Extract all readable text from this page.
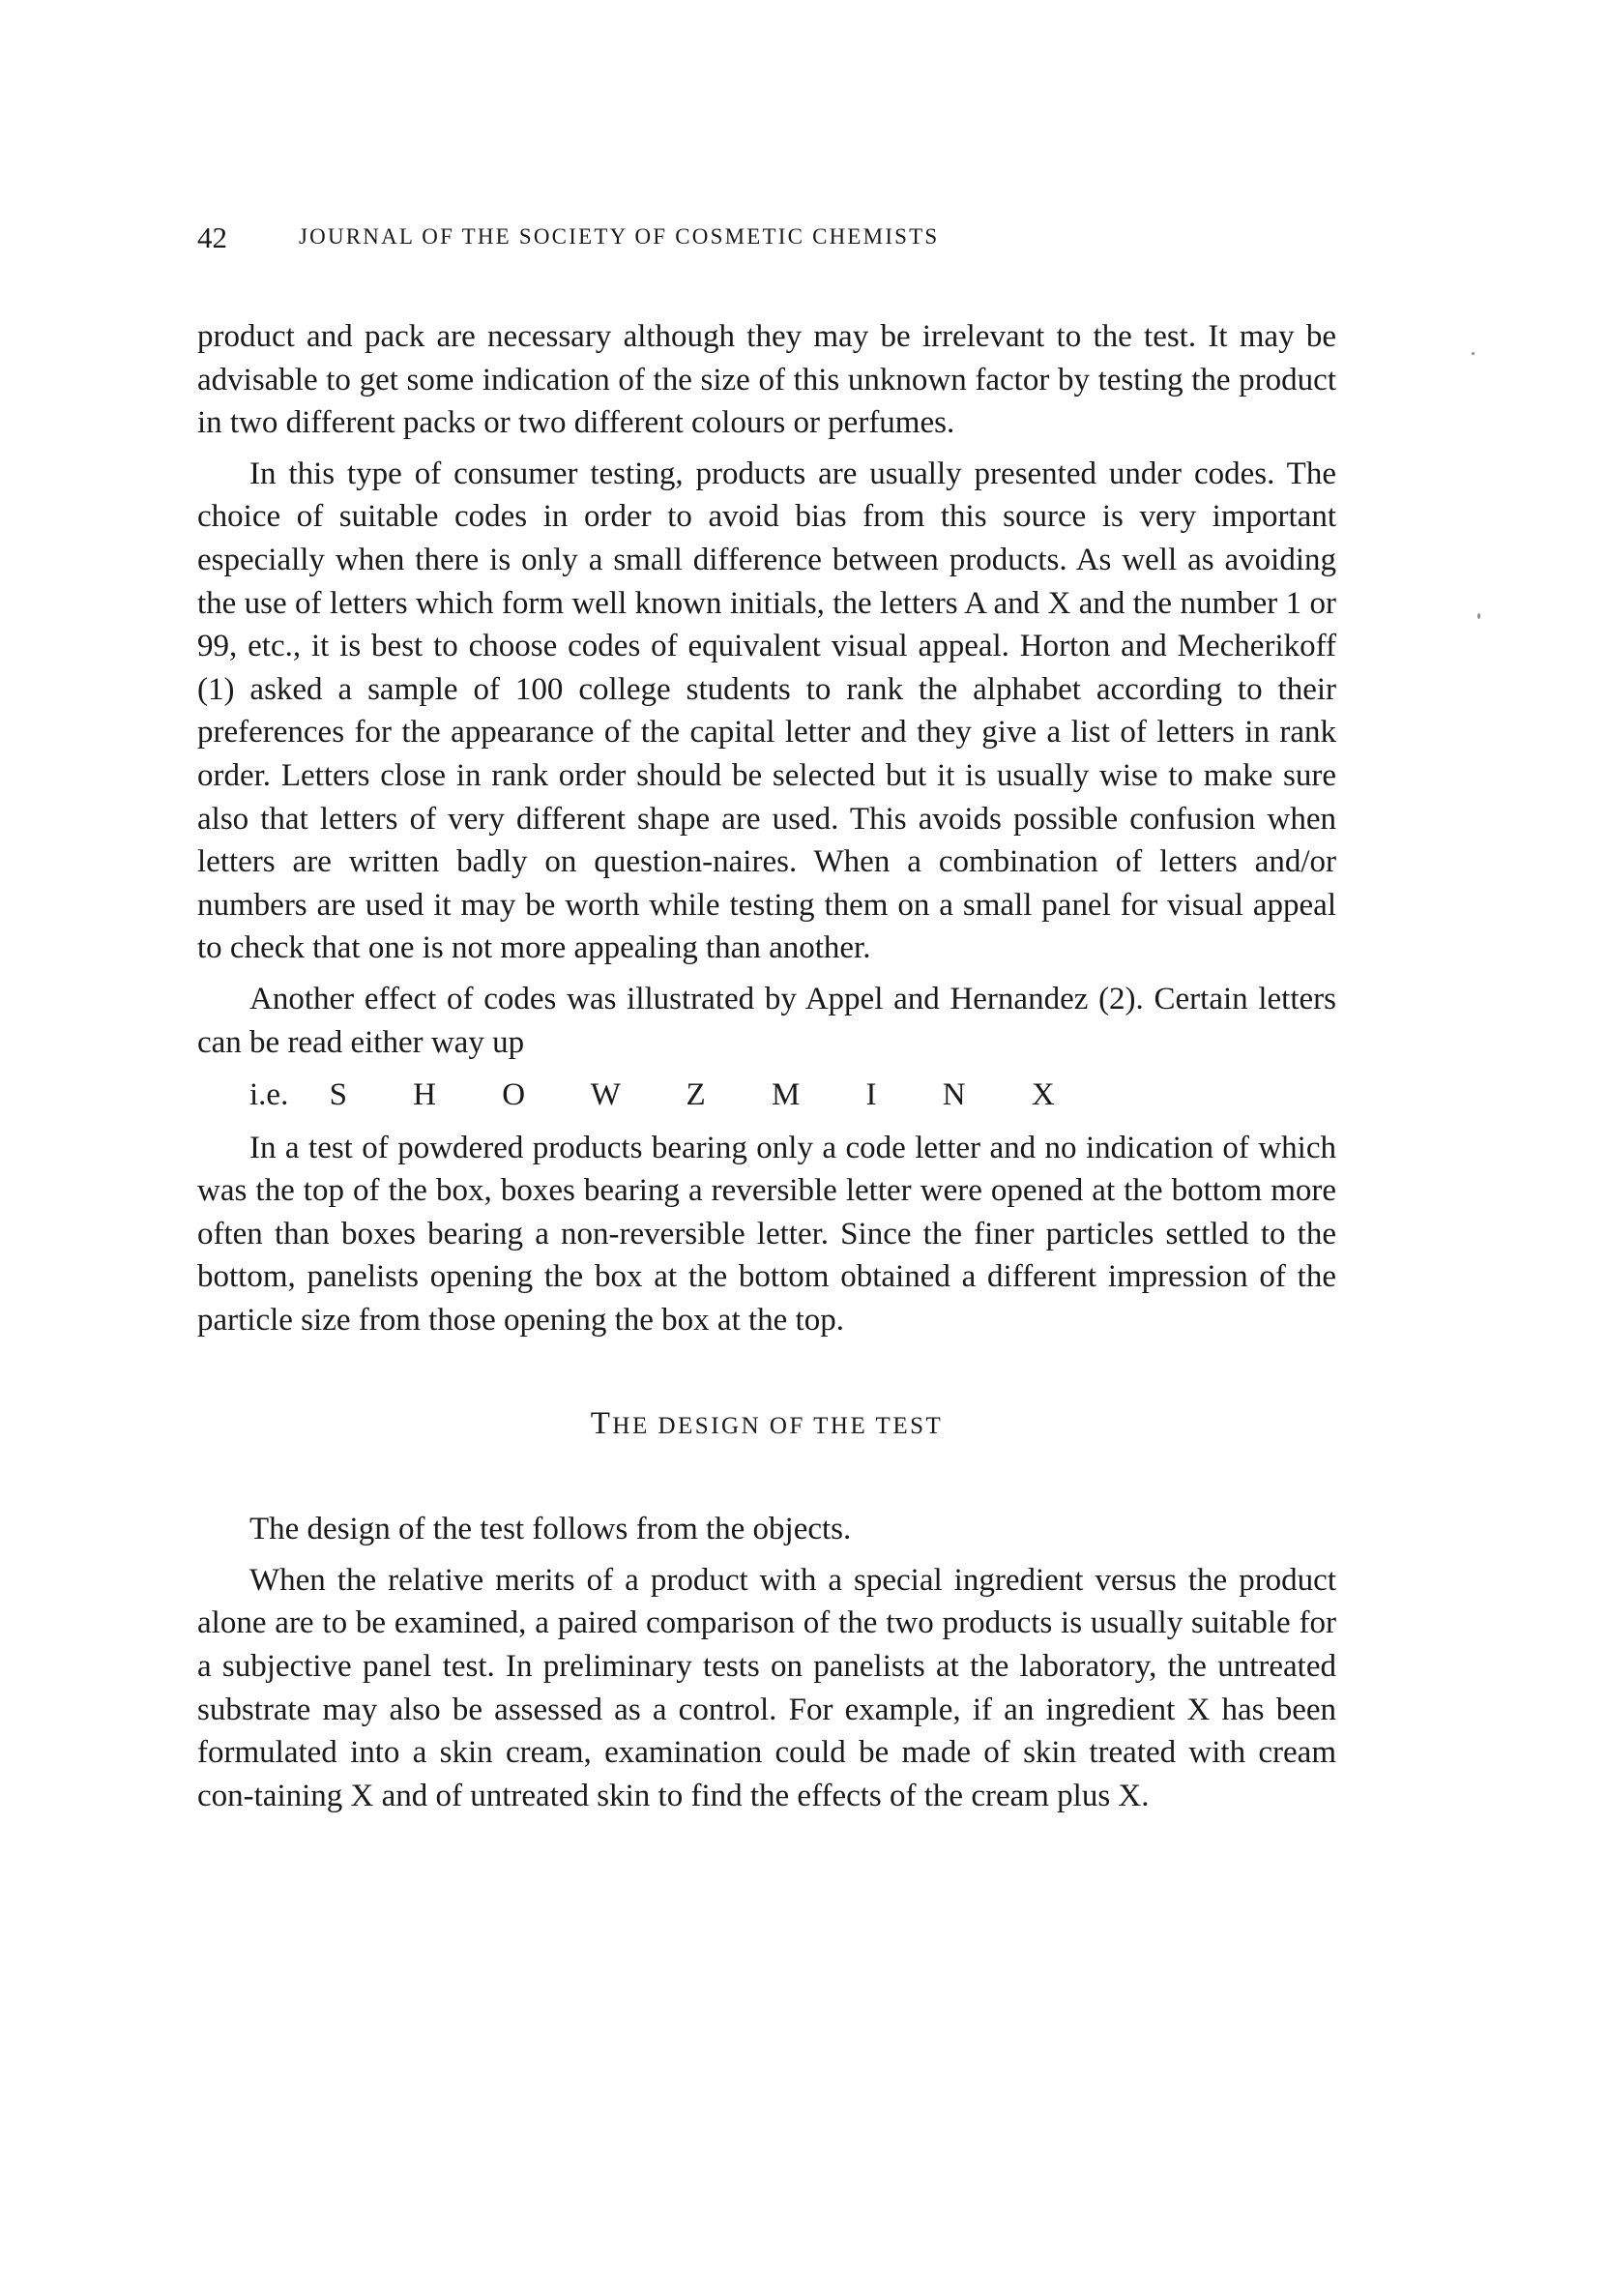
42	JOURNAL OF THE SOCIETY OF COSMETIC CHEMISTS

product and pack are necessary although they may be irrelevant to the test. It may be advisable to get some indication of the size of this unknown factor by testing the product in two different packs or two different colours or perfumes.

In this type of consumer testing, products are usually presented under codes. The choice of suitable codes in order to avoid bias from this source is very important especially when there is only a small difference between products. As well as avoiding the use of letters which form well known initials, the letters A and X and the number 1 or 99, etc., it is best to choose codes of equivalent visual appeal. Horton and Mecherikoff (1) asked a sample of 100 college students to rank the alphabet according to their preferences for the appearance of the capital letter and they give a list of letters in rank order. Letters close in rank order should be selected but it is usually wise to make sure also that letters of very different shape are used. This avoids possible confusion when letters are written badly on question-naires. When a combination of letters and/or numbers are used it may be worth while testing them on a small panel for visual appeal to check that one is not more appealing than another.

Another effect of codes was illustrated by Appel and Hernandez (2). Certain letters can be read either way up

i.e. S H O W Z M I N X

In a test of powdered products bearing only a code letter and no indication of which was the top of the box, boxes bearing a reversible letter were opened at the bottom more often than boxes bearing a non-reversible letter. Since the finer particles settled to the bottom, panelists opening the box at the bottom obtained a different impression of the particle size from those opening the box at the top.

THE DESIGN OF THE TEST

The design of the test follows from the objects.

When the relative merits of a product with a special ingredient versus the product alone are to be examined, a paired comparison of the two products is usually suitable for a subjective panel test. In preliminary tests on panelists at the laboratory, the untreated substrate may also be assessed as a control. For example, if an ingredient X has been formulated into a skin cream, examination could be made of skin treated with cream con-taining X and of untreated skin to find the effects of the cream plus X.
